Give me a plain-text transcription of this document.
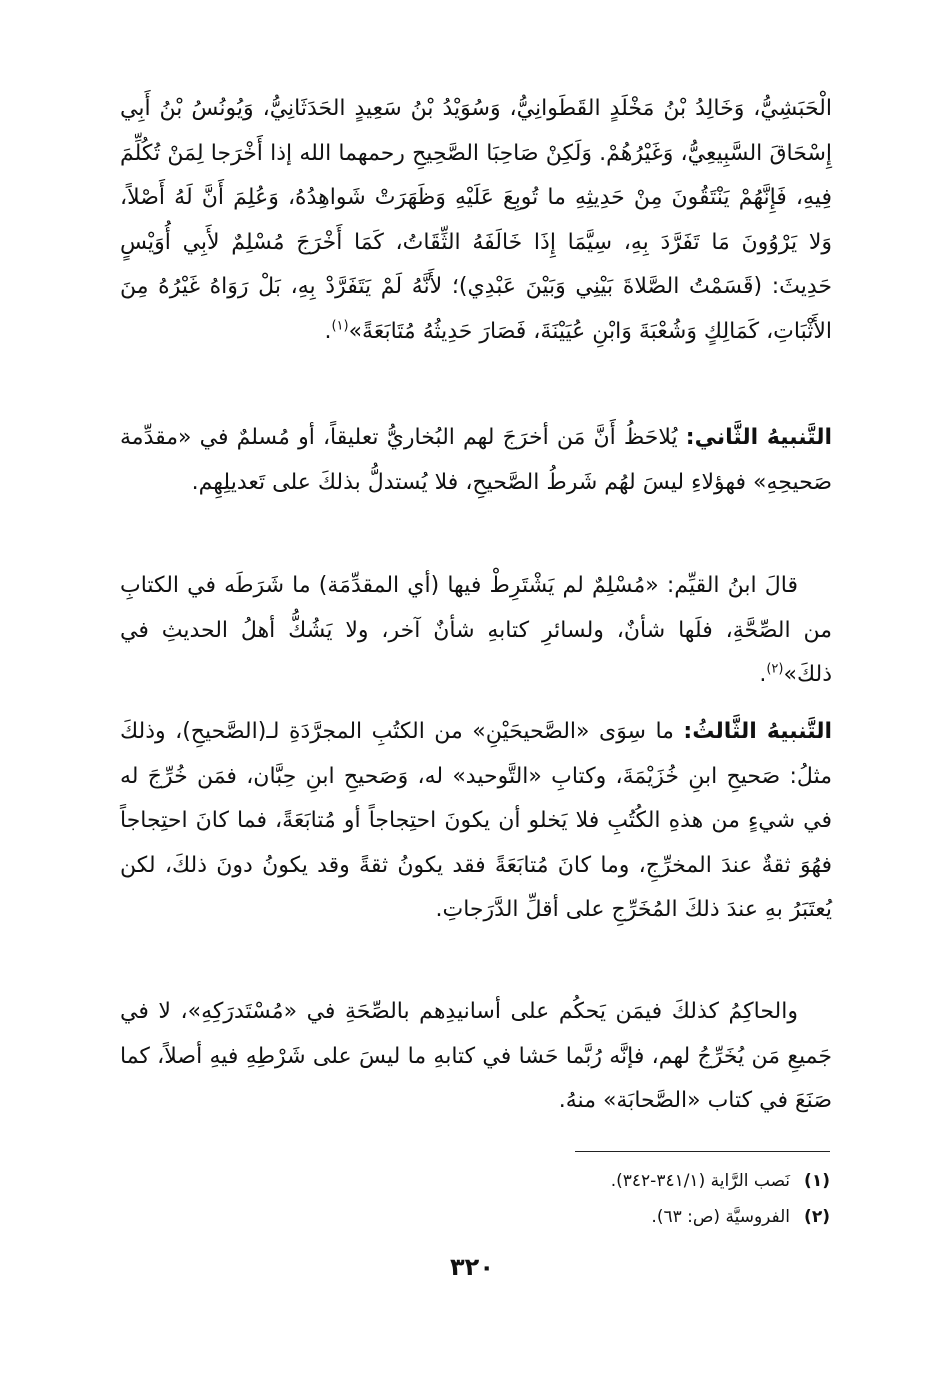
الْحَبَشِيُّ، وَخَالِدُ بْنُ مَخْلَدٍ القَطَوانِيُّ، وَسُوَيْدُ بْنُ سَعِيدٍ الحَدَثَانِيُّ، وَيُونُسُ بْنُ أَبِي إِسْحَاقَ السَّبِيعِيُّ، وَغَيْرُهُمْ. وَلَكِنْ صَاحِبَا الصَّحِيحِ رحمهما الله إذا أَخْرَجا لِمَنْ تُكُلِّمَ فِيهِ، فَإِنَّهُمْ يَنْتَقُونَ مِنْ حَدِيثِهِ ما تُوبِعَ عَلَيْهِ وَظَهَرَتْ شَواهِدُهُ، وَعُلِمَ أَنَّ لَهُ أَصْلاً، وَلا يَرْوُونَ مَا تَفَرَّدَ بِهِ، سِيَّمَا إِذَا خَالَفَهُ الثِّقَاتُ، كَمَا أَخْرَجَ مُسْلِمٌ لأَبِي أُوَيْسٍ حَدِيثَ: (قَسَمْتُ الصَّلاةَ بَيْنِي وَبَيْنَ عَبْدِي)؛ لأَنَّهُ لَمْ يَتَفَرَّدْ بِهِ، بَلْ رَوَاهُ غَيْرُهُ مِنَ الأَثْبَاتِ، كَمَالِكٍ وَشُعْبَةَ وَابْنِ عُيَيْنَةَ، فَصَارَ حَدِيثُهُ مُتَابَعَةً»$^{(١)}$.

التَّنبيهُ الثَّاني: يُلاحَظُ أَنَّ مَن أخرَجَ لهم البُخاريُّ تعليقاً، أو مُسلمٌ في «مقدِّمة صَحيحِهِ» فهؤلاءِ ليسَ لهُم شَرطُ الصَّحيحِ، فلا يُستدلُّ بذلكَ على تَعديلِهِم.

قالَ ابنُ القيِّم: «مُسْلِمٌ لم يَشْتَرِطْ فيها (أي المقدِّمَة) ما شَرَطَه في الكتابِ من الصِّحَّةِ، فلَها شأنٌ، ولسائرِ كتابهِ شأنٌ آخر، ولا يَشُكُّ أهلُ الحديثِ في ذلكَ»$^{(٢)}$.

التَّنبيهُ الثَّالثُ: ما سِوَى «الصَّحيحَيْنِ» من الكتُبِ المجرَّدَةِ لـ(الصَّحيحِ)، وذلكَ مثلُ: صَحيحِ ابنِ خُزَيْمَةَ، وكتابِ «التَّوحيد» له، وَصَحيحِ ابنِ حِبَّان، فمَن خُرِّجَ له في شيءٍ من هذهِ الكُتُبِ فلا يَخلو أن يكونَ احتِجاجاً أو مُتابَعَةً، فما كانَ احتِجاجاً فهُوَ ثقةٌ عندَ المخرِّجِ، وما كانَ مُتابَعَةً فقد يكونُ ثقةً وقد يكونُ دونَ ذلكَ، لكن يُعتَبَرُ بهِ عندَ ذلكَ المُخَرِّجِ على أقلِّ الدَّرَجاتِ.

والحاكِمُ كذلكَ فيمَن يَحكُم على أسانيدِهم بالصِّحَةِ في «مُسْتَدرَكِهِ»، لا في جَميعِ مَن يُخَرِّجُ لهم، فإنَّه رُبَّما حَشا في كتابهِ ما ليسَ على شَرْطِهِ فيهِ أصلاً، كما صَنَعَ في كتاب «الصَّحابَة» منهُ.

(١)نَصب الرَّاية (٣٤١/١-٣٤٢).

(٢)الفروسيَّة (ص: ٦٣).

٣٢٠
